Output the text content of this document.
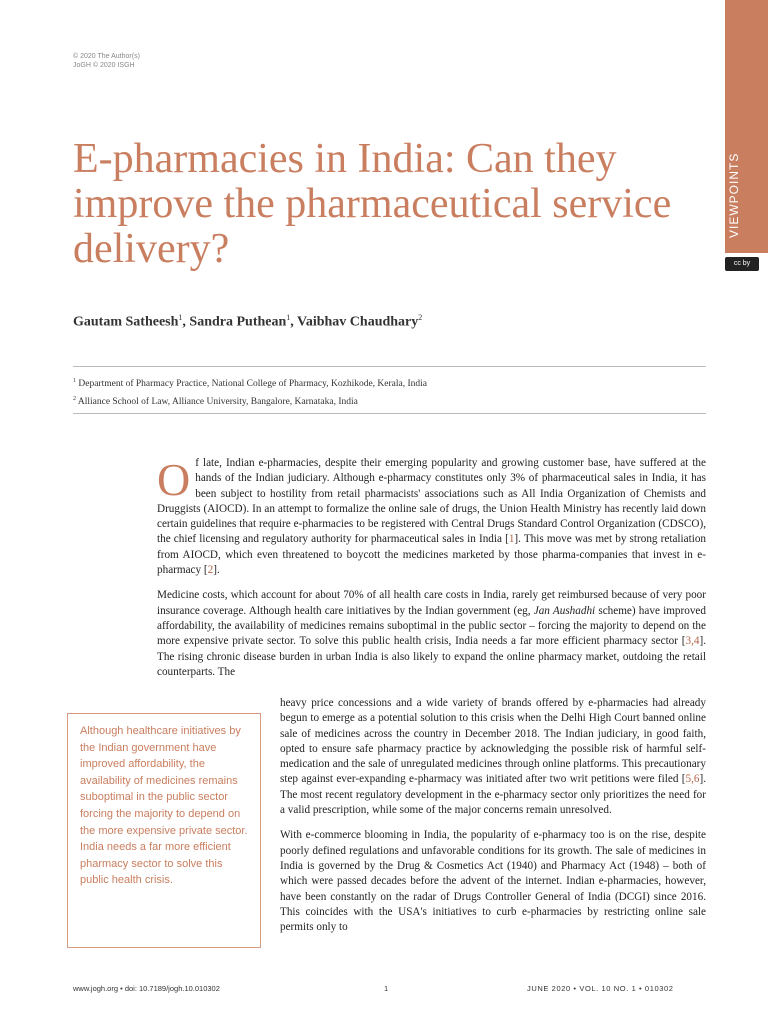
© 2020 The Author(s)
JoGH © 2020 ISGH
VIEWPOINTS
cc by
E-pharmacies in India: Can they improve the pharmaceutical service delivery?
Gautam Satheesh$^1$, Sandra Puthean$^1$, Vaibhav Chaudhary$^2$
$^1$ Department of Pharmacy Practice, National College of Pharmacy, Kozhikode, Kerala, India
$^2$ Alliance School of Law, Alliance University, Bangalore, Karnataka, India

Of late, Indian e-pharmacies, despite their emerging popularity and growing customer base, have suffered at the hands of the Indian judiciary. Although e-pharmacy constitutes only 3% of pharmaceutical sales in India, it has been subject to hostility from retail pharmacists' associations such as All India Organization of Chemists and Druggists (AIOCD). In an attempt to formalize the online sale of drugs, the Union Health Ministry has recently laid down certain guidelines that require e-pharmacies to be registered with Central Drugs Standard Control Organization (CDSCO), the chief licensing and regulatory authority for pharmaceutical sales in India [1]. This move was met by strong retaliation from AIOCD, which even threatened to boycott the medicines marketed by those pharma-companies that invest in e-pharmacy [2].

Medicine costs, which account for about 70% of all health care costs in India, rarely get reimbursed because of very poor insurance coverage. Although health care initiatives by the Indian government (eg, Jan Aushadhi scheme) have improved affordability, the availability of medicines remains suboptimal in the public sector – forcing the majority to depend on the more expensive private sector. To solve this public health crisis, India needs a far more efficient pharmacy sector [3,4]. The rising chronic disease burden in urban India is also likely to expand the online pharmacy market, outdoing the retail counterparts. The

heavy price concessions and a wide variety of brands offered by e-pharmacies had already begun to emerge as a potential solution to this crisis when the Delhi High Court banned online sale of medicines across the country in December 2018. The Indian judiciary, in good faith, opted to ensure safe pharmacy practice by acknowledging the possible risk of harmful self-medication and the sale of unregulated medicines through online platforms. This precautionary step against ever-expanding e-pharmacy was initiated after two writ petitions were filed [5,6]. The most recent regulatory development in the e-pharmacy sector only prioritizes the need for a valid prescription, while some of the major concerns remain unresolved.

With e-commerce blooming in India, the popularity of e-pharmacy too is on the rise, despite poorly defined regulations and unfavorable conditions for its growth. The sale of medicines in India is governed by the Drug & Cosmetics Act (1940) and Pharmacy Act (1948) – both of which were passed decades before the advent of the internet. Indian e-pharmacies, however, have been constantly on the radar of Drugs Controller General of India (DCGI) since 2016. This coincides with the USA's initiatives to curb e-pharmacies by restricting online sale permits only to

Although healthcare initiatives by the Indian government have improved affordability, the availability of medicines remains suboptimal in the public sector forcing the majority to depend on the more expensive private sector. India needs a far more efficient pharmacy sector to solve this public health crisis.
www.jogh.org • doi: 10.7189/jogh.10.010302	1	JUNE 2020 • VOL. 10 NO. 1 • 010302
